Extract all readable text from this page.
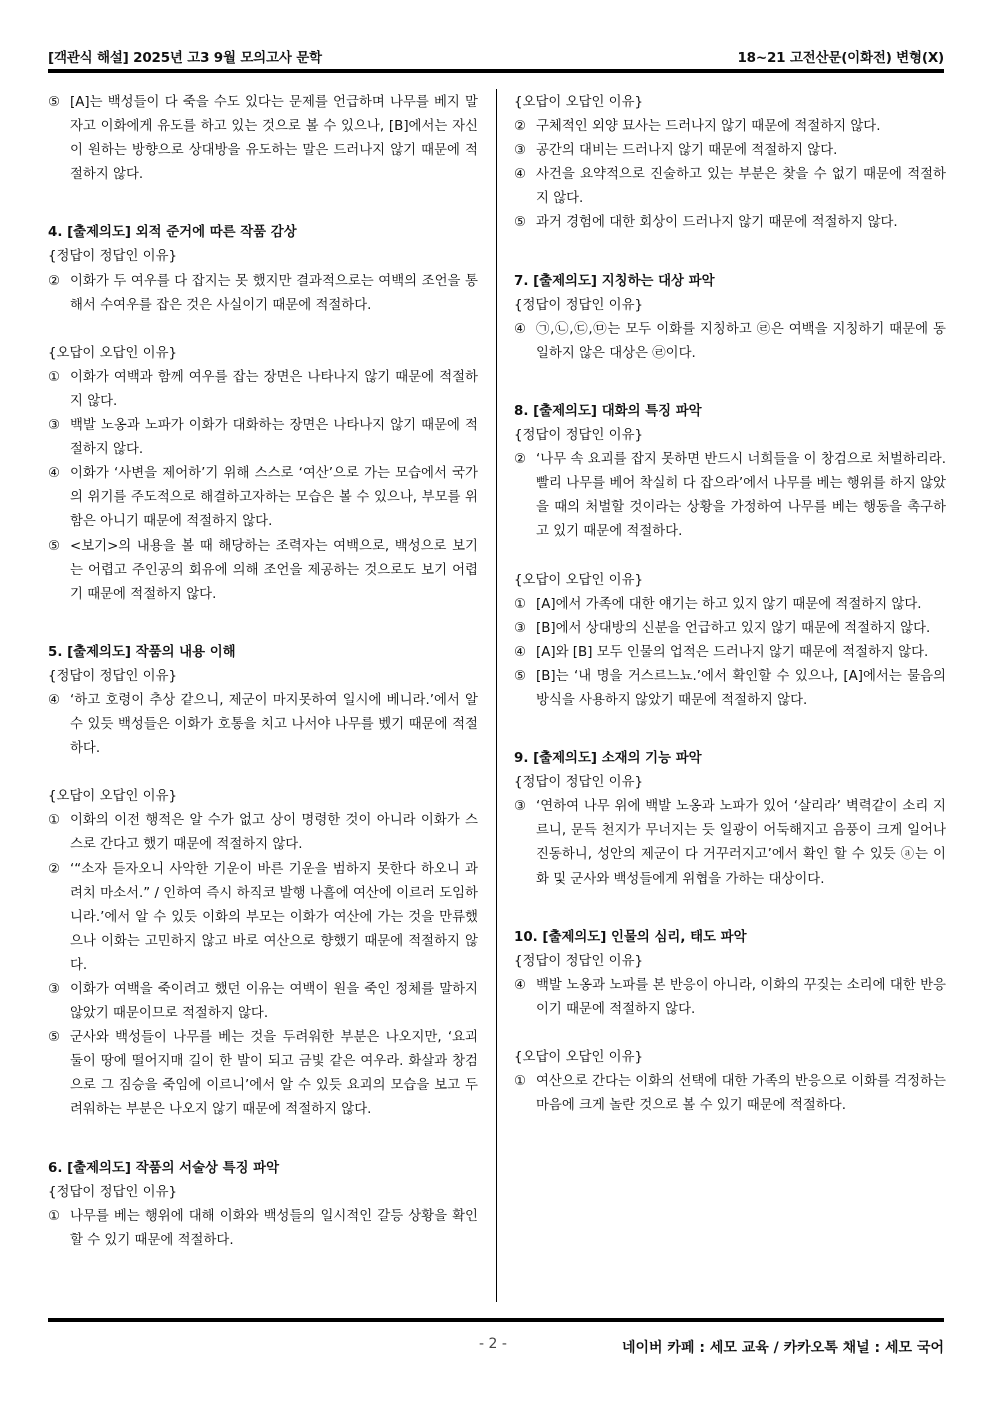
[객관식 해설] 2025년 고3 9월 모의고사 문학	18~21 고전산문(이화전) 변형(X)
⑤ [A]는 백성들이 다 죽을 수도 있다는 문제를 언급하며 나무를 베지 말자고 이화에게 유도를 하고 있는 것으로 볼 수 있으나, [B]에서는 자신이 원하는 방향으로 상대방을 유도하는 말은 드러나지 않기 때문에 적절하지 않다.

4. [출제의도] 외적 준거에 따른 작품 감상

{정답이 정답인 이유}

② 이화가 두 여우를 다 잡지는 못 했지만 결과적으로는 여백의 조언을 통해서 수여우를 잡은 것은 사실이기 때문에 적절하다.

{오답이 오답인 이유}

① 이화가 여백과 함께 여우를 잡는 장면은 나타나지 않기 때문에 적절하지 않다.
③ 백발 노옹과 노파가 이화가 대화하는 장면은 나타나지 않기 때문에 적절하지 않다.
④ 이화가 ‘사변을 제어하’기 위해 스스로 ‘여산’으로 가는 모습에서 국가의 위기를 주도적으로 해결하고자하는 모습은 볼 수 있으나, 부모를 위함은 아니기 때문에 적절하지 않다.
⑤ <보기>의 내용을 볼 때 해당하는 조력자는 여백으로, 백성으로 보기는 어렵고 주인공의 회유에 의해 조언을 제공하는 것으로도 보기 어렵기 때문에 적절하지 않다.

5. [출제의도] 작품의 내용 이해

{정답이 정답인 이유}

④ ‘하고 호령이 추상 같으니, 제군이 마지못하여 일시에 베니라.’에서 알 수 있듯 백성들은 이화가 호통을 치고 나서야 나무를 벴기 때문에 적절하다.

{오답이 오답인 이유}

① 이화의 이전 행적은 알 수가 없고 상이 명령한 것이 아니라 이화가 스스로 간다고 했기 때문에 적절하지 않다.
② ‘“소자 듣자오니 사악한 기운이 바른 기운을 범하지 못한다 하오니 과려치 마소서.” / 인하여 즉시 하직코 발행 나흘에 여산에 이르러 도임하니라.’에서 알 수 있듯 이화의 부모는 이화가 여산에 가는 것을 만류했으나 이화는 고민하지 않고 바로 여산으로 향했기 때문에 적절하지 않다.
③ 이화가 여백을 죽이려고 했던 이유는 여백이 원을 죽인 정체를 말하지 않았기 때문이므로 적절하지 않다.
⑤ 군사와 백성들이 나무를 베는 것을 두려워한 부분은 나오지만, ‘요괴 둘이 땅에 떨어지매 길이 한 발이 되고 금빛 같은 여우라. 화살과 창검으로 그 짐승을 죽임에 이르니’에서 알 수 있듯 요괴의 모습을 보고 두려워하는 부분은 나오지 않기 때문에 적절하지 않다.

6. [출제의도] 작품의 서술상 특징 파악

{정답이 정답인 이유}

① 나무를 베는 행위에 대해 이화와 백성들의 일시적인 갈등 상황을 확인할 수 있기 때문에 적절하다.

{오답이 오답인 이유}

② 구체적인 외양 묘사는 드러나지 않기 때문에 적절하지 않다.
③ 공간의 대비는 드러나지 않기 때문에 적절하지 않다.
④ 사건을 요약적으로 진술하고 있는 부분은 찾을 수 없기 때문에 적절하지 않다.
⑤ 과거 경험에 대한 회상이 드러나지 않기 때문에 적절하지 않다.

7. [출제의도] 지칭하는 대상 파악

{정답이 정답인 이유}

④ ㉠,㉡,㉢,㉤는 모두 이화를 지칭하고 ㉣은 여백을 지칭하기 때문에 동일하지 않은 대상은 ㉣이다.

8. [출제의도] 대화의 특징 파악

{정답이 정답인 이유}

② ‘나무 속 요괴를 잡지 못하면 반드시 너희들을 이 창검으로 처벌하리라. 빨리 나무를 베어 착실히 다 잡으라’에서 나무를 베는 행위를 하지 않았을 때의 처벌할 것이라는 상황을 가정하여 나무를 베는 행동을 촉구하고 있기 때문에 적절하다.

{오답이 오답인 이유}

① [A]에서 가족에 대한 얘기는 하고 있지 않기 때문에 적절하지 않다.
③ [B]에서 상대방의 신분을 언급하고 있지 않기 때문에 적절하지 않다.
④ [A]와 [B] 모두 인물의 업적은 드러나지 않기 때문에 적절하지 않다.
⑤ [B]는 ‘내 명을 거스르느뇨.’에서 확인할 수 있으나, [A]에서는 물음의 방식을 사용하지 않았기 때문에 적절하지 않다.

9. [출제의도] 소재의 기능 파악

{정답이 정답인 이유}

③ ‘연하여 나무 위에 백발 노옹과 노파가 있어 ‘살리라’ 벽력같이 소리 지르니, 문득 천지가 무너지는 듯 일광이 어둑해지고 음풍이 크게 일어나 진동하니, 성안의 제군이 다 거꾸러지고’에서 확인 할 수 있듯 ⓐ는 이화 및 군사와 백성들에게 위협을 가하는 대상이다.

10. [출제의도] 인물의 심리, 태도 파악

{정답이 정답인 이유}

④ 백발 노옹과 노파를 본 반응이 아니라, 이화의 꾸짖는 소리에 대한 반응이기 때문에 적절하지 않다.

{오답이 오답인 이유}

① 여산으로 간다는 이화의 선택에 대한 가족의 반응으로 이화를 걱정하는 마음에 크게 놀란 것으로 볼 수 있기 때문에 적절하다.
- 2 -	네이버 카페 : 세모 교육 / 카카오톡 채널 : 세모 국어
